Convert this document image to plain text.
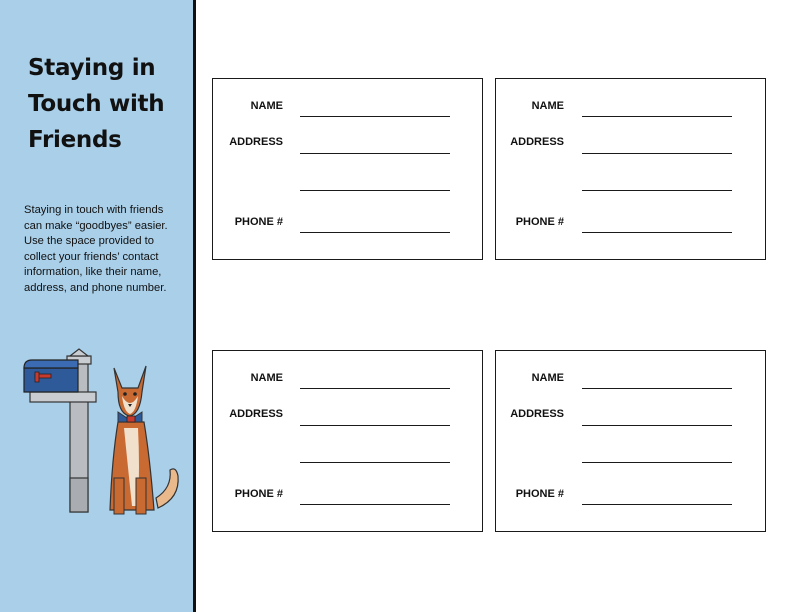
Staying in
Touch with
Friends
Staying in touch with friends
can make “goodbyes” easier.
Use the space provided to
collect your friends’ contact
information, like their name,
address, and phone number.
NAME
ADDRESS
PHONE #
NAME
ADDRESS
PHONE #
NAME
ADDRESS
PHONE #
NAME
ADDRESS
PHONE #
